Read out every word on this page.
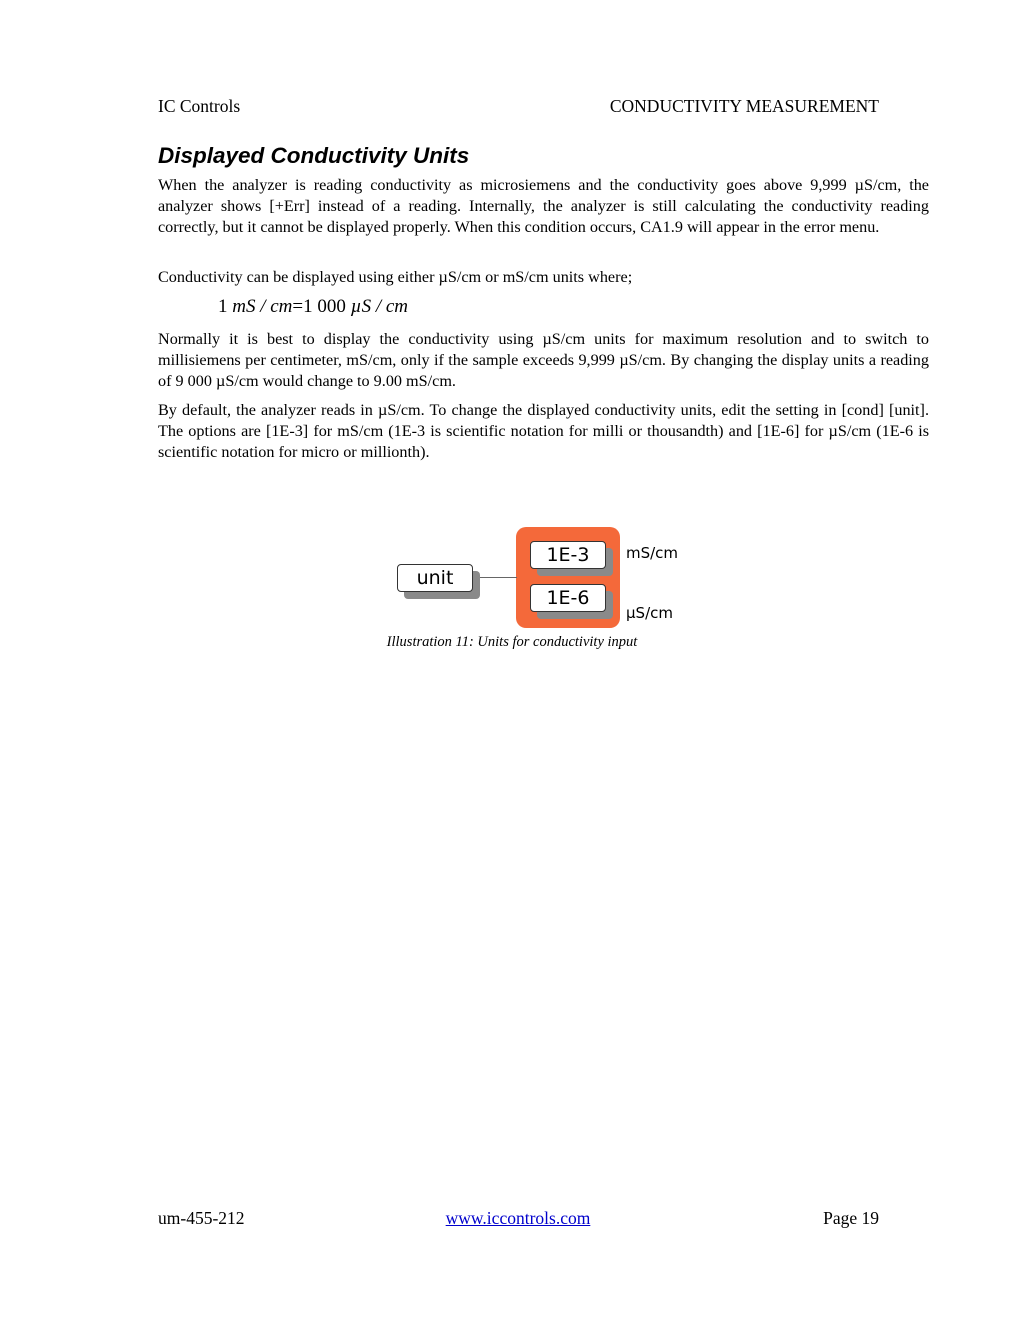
IC Controls	CONDUCTIVITY MEASUREMENT
Displayed Conductivity Units

When the analyzer is reading conductivity as microsiemens and the conductivity goes above 9,999 µS/cm, the analyzer shows [+Err] instead of a reading. Internally, the analyzer is still calculating the conductivity reading correctly, but it cannot be displayed properly. When this condition occurs, CA1.9 will appear in the error menu.

Conductivity can be displayed using either µS/cm or mS/cm units where;

1 mS / cm=1 000 µS / cm

Normally it is best to display the conductivity using µS/cm units for maximum resolution and to switch to millisiemens per centimeter, mS/cm, only if the sample exceeds 9,999 µS/cm. By changing the display units a reading of 9 000 µS/cm would change to 9.00 mS/cm.

By default, the analyzer reads in µS/cm. To change the displayed conductivity units, edit the setting in [cond] [unit]. The options are [1E-3] for mS/cm (1E-3 is scientific notation for milli or thousandth) and [1E-6] for µS/cm (1E-6 is scientific notation for micro or millionth).

unit
1E-3
1E-6
mS/cm
µS/cm
Illustration 11: Units for conductivity input
um-455-212	www.iccontrols.com	Page 19
